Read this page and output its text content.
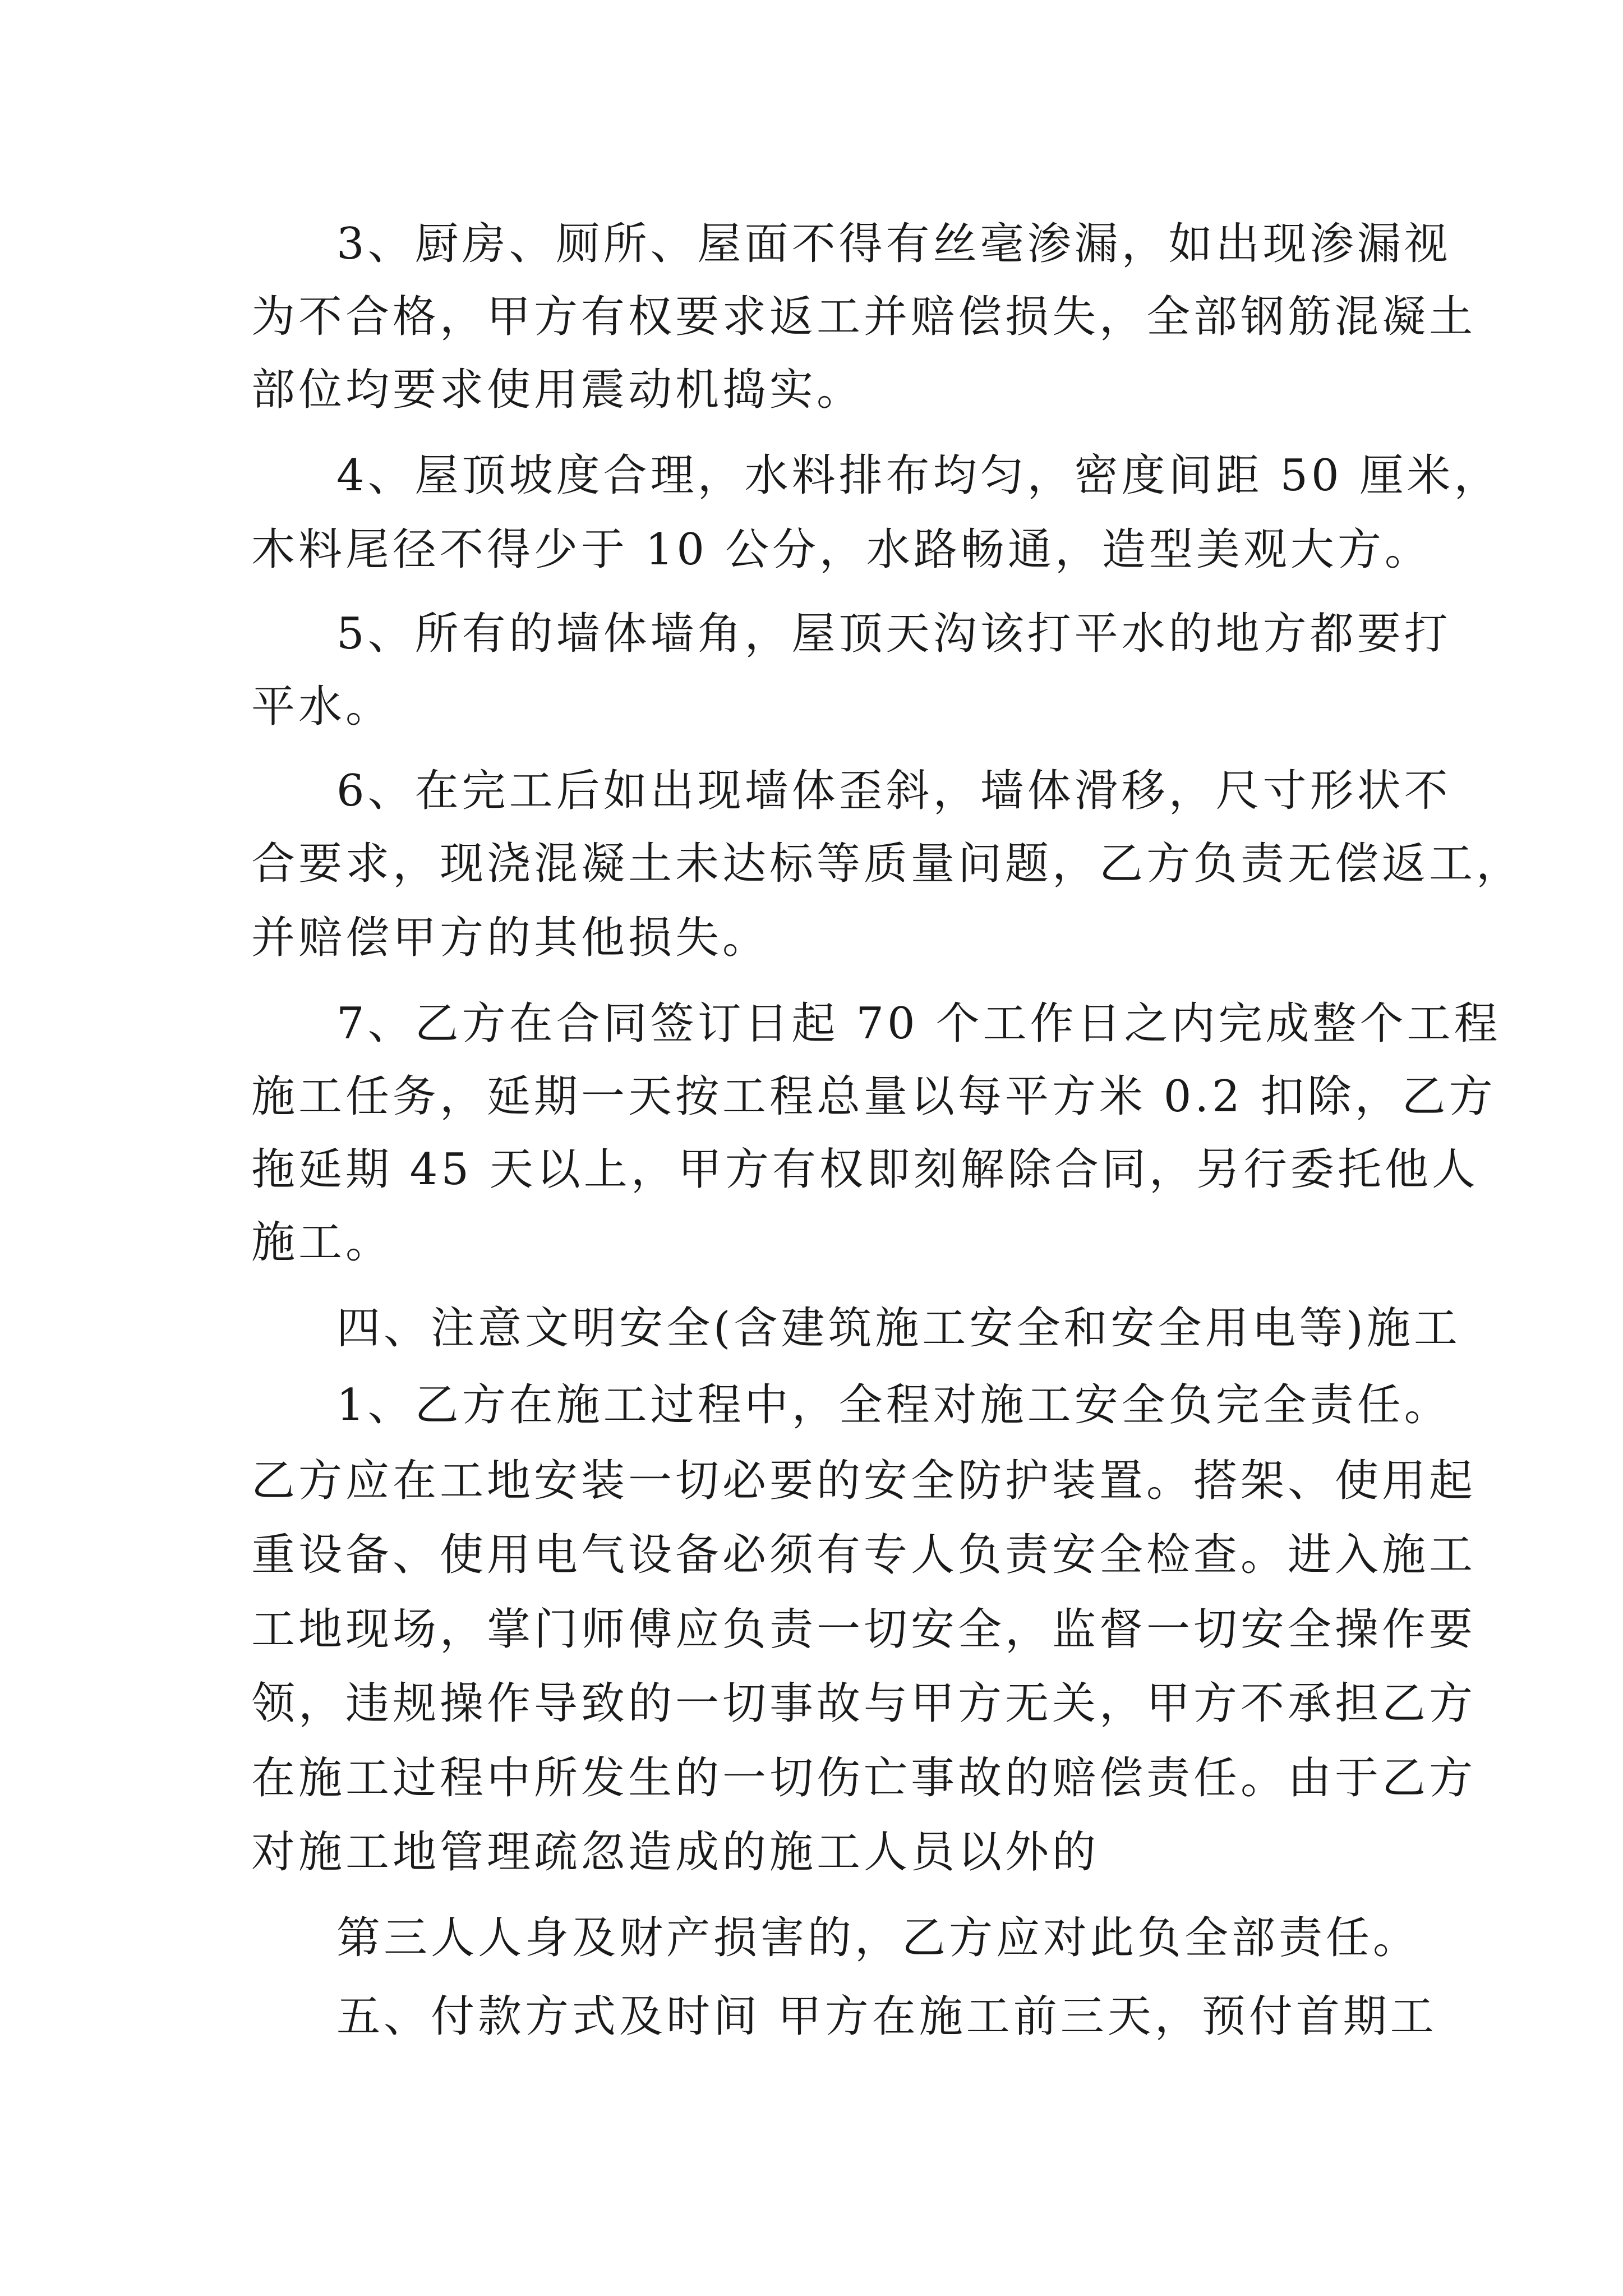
3、厨房、厕所、屋面不得有丝毫渗漏，如出现渗漏视
为不合格，甲方有权要求返工并赔偿损失，全部钢筋混凝土
部位均要求使用震动机捣实。
4、屋顶坡度合理，水料排布均匀，密度间距 50 厘米，
木料尾径不得少于 10 公分，水路畅通，造型美观大方。
5、所有的墙体墙角，屋顶天沟该打平水的地方都要打
平水。
6、在完工后如出现墙体歪斜，墙体滑移，尺寸形状不
合要求，现浇混凝土未达标等质量问题，乙方负责无偿返工，
并赔偿甲方的其他损失。
7、乙方在合同签订日起 70 个工作日之内完成整个工程
施工任务，延期一天按工程总量以每平方米 0.2 扣除，乙方
拖延期 45 天以上，甲方有权即刻解除合同，另行委托他人
施工。
四、注意文明安全(含建筑施工安全和安全用电等)施工
1、乙方在施工过程中，全程对施工安全负完全责任。
乙方应在工地安装一切必要的安全防护装置。搭架、使用起
重设备、使用电气设备必须有专人负责安全检查。进入施工
工地现场，掌门师傅应负责一切安全，监督一切安全操作要
领，违规操作导致的一切事故与甲方无关，甲方不承担乙方
在施工过程中所发生的一切伤亡事故的赔偿责任。由于乙方
对施工地管理疏忽造成的施工人员以外的
第三人人身及财产损害的，乙方应对此负全部责任。
五、付款方式及时间 甲方在施工前三天，预付首期工
